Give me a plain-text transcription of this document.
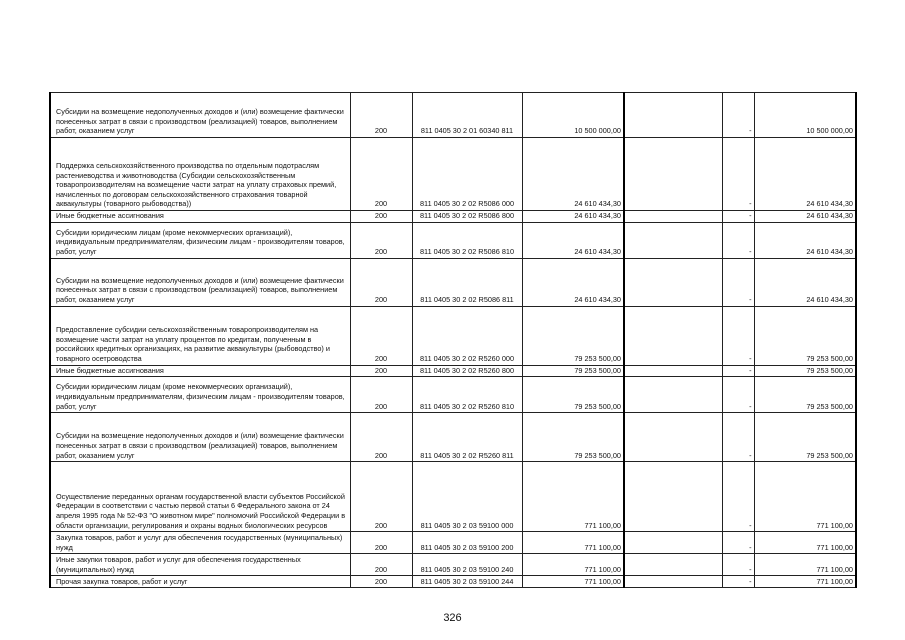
Субсидии на возмещение недополученных доходов и (или) возмещение фактически понесенных затрат в связи с производством (реализацией) товаров, выполнением работ, оказанием услуг	200	811 0405 30 2 01 60340 811	10 500 000,00		-	10 500 000,00
Поддержка сельскохозяйственного производства по отдельным подотраслям растениеводства и животноводства (Субсидии сельскохозяйственным товаропроизводителям на возмещение части затрат на уплату страховых премий, начисленных по договорам сельскохозяйственного страхования товарной аквакультуры (товарного рыбоводства))	200	811 0405 30 2 02 R5086 000	24 610 434,30		-	24 610 434,30
Иные бюджетные ассигнования	200	811 0405 30 2 02 R5086 800	24 610 434,30		-	24 610 434,30
Субсидии юридическим лицам (кроме некоммерческих организаций), индивидуальным предпринимателям, физическим лицам - производителям товаров, работ, услуг	200	811 0405 30 2 02 R5086 810	24 610 434,30		-	24 610 434,30
Субсидии на возмещение недополученных доходов и (или) возмещение фактически понесенных затрат в связи с производством (реализацией) товаров, выполнением работ, оказанием услуг	200	811 0405 30 2 02 R5086 811	24 610 434,30		-	24 610 434,30
Предоставление субсидии сельскохозяйственным товаропроизводителям на возмещение части затрат на уплату процентов по кредитам, полученным в российских кредитных организациях, на развитие аквакультуры (рыбоводство) и товарного осетроводства	200	811 0405 30 2 02 R5260 000	79 253 500,00		-	79 253 500,00
Иные бюджетные ассигнования	200	811 0405 30 2 02 R5260 800	79 253 500,00		-	79 253 500,00
Субсидии юридическим лицам (кроме некоммерческих организаций), индивидуальным предпринимателям, физическим лицам - производителям товаров, работ, услуг	200	811 0405 30 2 02 R5260 810	79 253 500,00		-	79 253 500,00
Субсидии на возмещение недополученных доходов и (или) возмещение фактически понесенных затрат в связи с производством (реализацией) товаров, выполнением работ, оказанием услуг	200	811 0405 30 2 02 R5260 811	79 253 500,00		-	79 253 500,00
Осуществление переданных органам государственной власти субъектов Российской Федерации в соответствии с частью первой статьи 6 Федерального закона от 24 апреля 1995 года № 52-ФЗ "О животном мире" полномочий Российской Федерации в области организации, регулирования и охраны водных биологических ресурсов	200	811 0405 30 2 03 59100 000	771 100,00		-	771 100,00
Закупка товаров, работ и услуг для обеспечения государственных (муниципальных) нужд	200	811 0405 30 2 03 59100 200	771 100,00		-	771 100,00
Иные закупки товаров, работ и услуг для обеспечения государственных (муниципальных) нужд	200	811 0405 30 2 03 59100 240	771 100,00		-	771 100,00
Прочая закупка товаров, работ и услуг	200	811 0405 30 2 03 59100 244	771 100,00		-	771 100,00
326
